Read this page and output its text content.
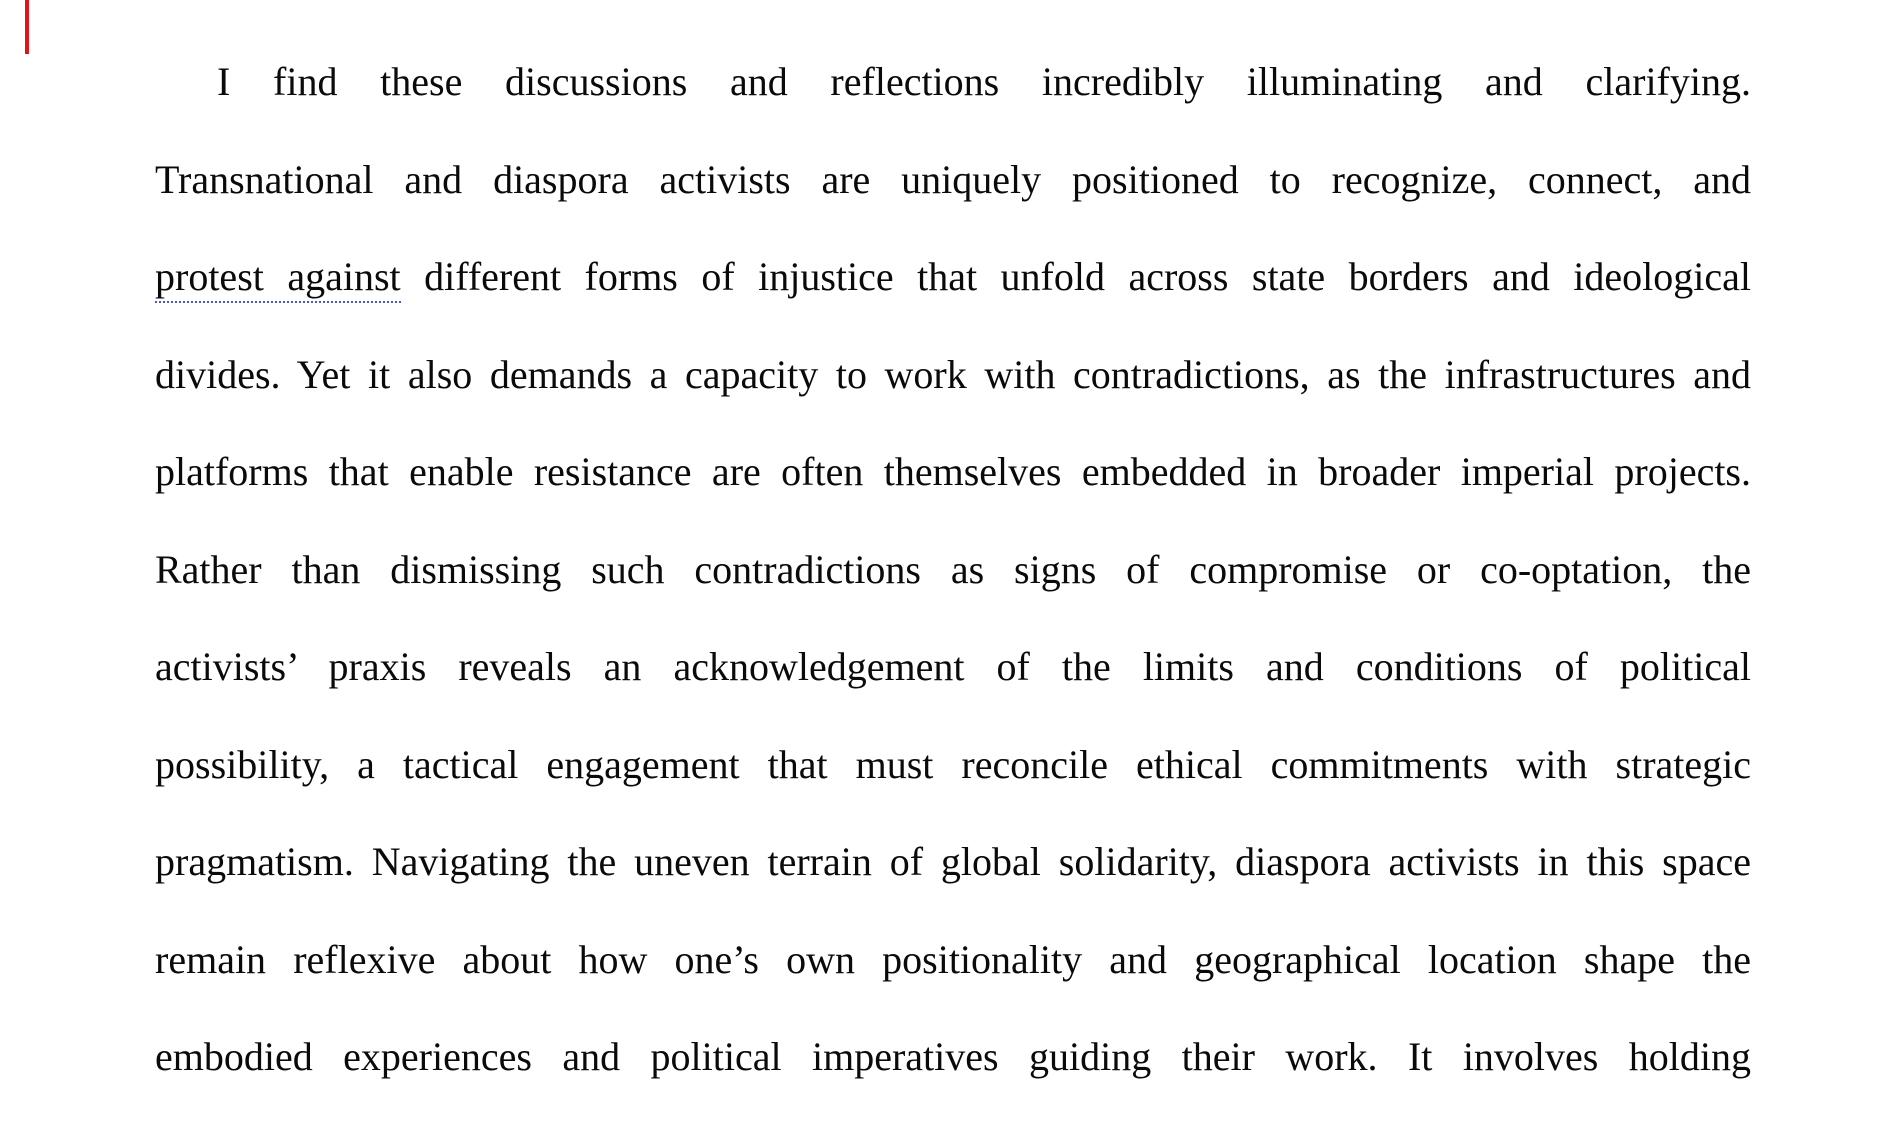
I find these discussions and reflections incredibly illuminating and clarifying.
Transnational and diaspora activists are uniquely positioned to recognize, connect, and
protest against different forms of injustice that unfold across state borders and ideological
divides. Yet it also demands a capacity to work with contradictions, as the infrastructures and
platforms that enable resistance are often themselves embedded in broader imperial projects.
Rather than dismissing such contradictions as signs of compromise or co-optation, the
activists’ praxis reveals an acknowledgement of the limits and conditions of political
possibility, a tactical engagement that must reconcile ethical commitments with strategic
pragmatism. Navigating the uneven terrain of global solidarity, diaspora activists in this space
remain reflexive about how one’s own positionality and geographical location shape the
embodied experiences and political imperatives guiding their work. It involves holding
